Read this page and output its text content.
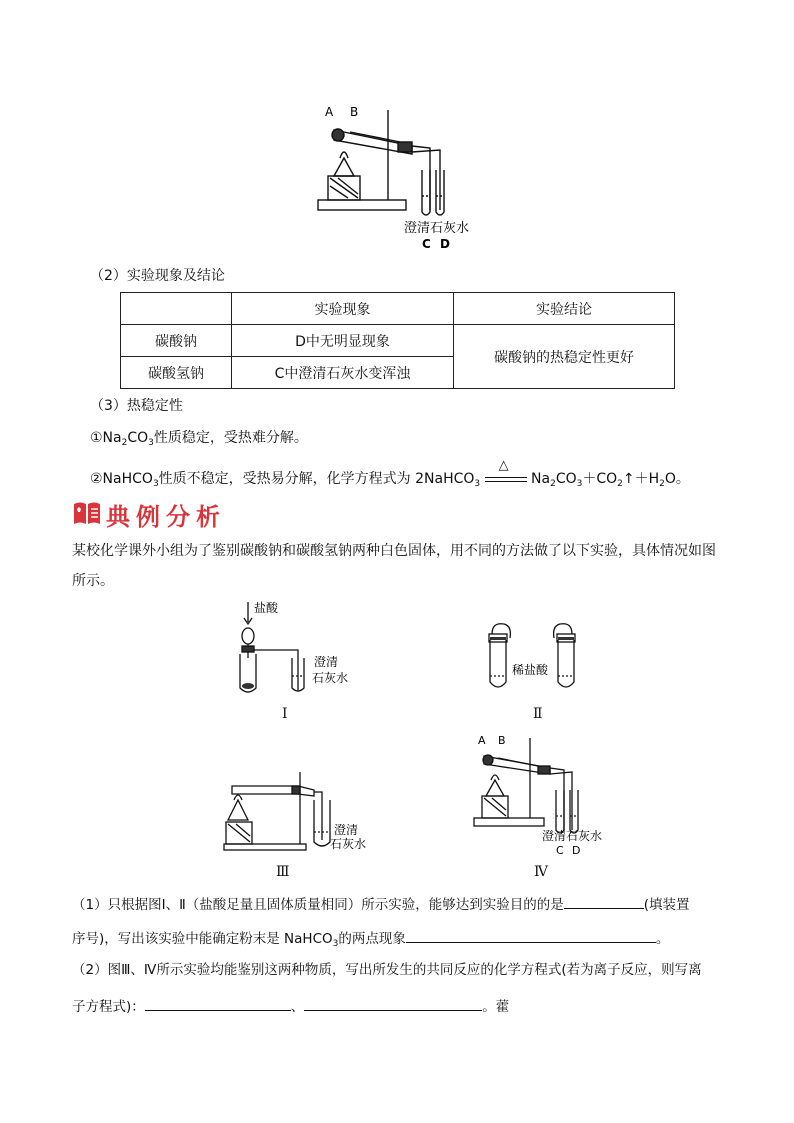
A B
澄清石灰水
C D
（2）实验现象及结论
	实验现象	实验结论
碳酸钠	D中无明显现象	碳酸钠的热稳定性更好
碳酸氢钠	C中澄清石灰水变浑浊	
（3）热稳定性
$①Na_2CO_3$性质稳定，受热难分解。
②NaHCO$_3$性质不稳定，受热易分解，化学方程式为 2NaHCO$_3$
△
$Na_2CO_3+CO_2↑+H_2O$。
典例分析
某校化学课外小组为了鉴别碳酸钠和碳酸氢钠两种白色固体，用不同的方法做了以下实验，具体情况如图所示。
盐酸
澄清
石灰水
Ⅰ
稀盐酸
Ⅱ
澄清
石灰水
Ⅲ
A B
澄清石灰水
C D
Ⅳ
（1）只根据图Ⅰ、Ⅱ（盐酸足量且固体质量相同）所示实验，能够达到实验目的的是	(填装置
序号)，写出该实验中能确定粉末是 NaHCO$_3$的两点现象	。
（2）图Ⅲ、Ⅳ所示实验均能鉴别这两种物质，写出所发生的共同反应的化学方程式(若为离子反应，则写离
子方程式)：	、	。藿
